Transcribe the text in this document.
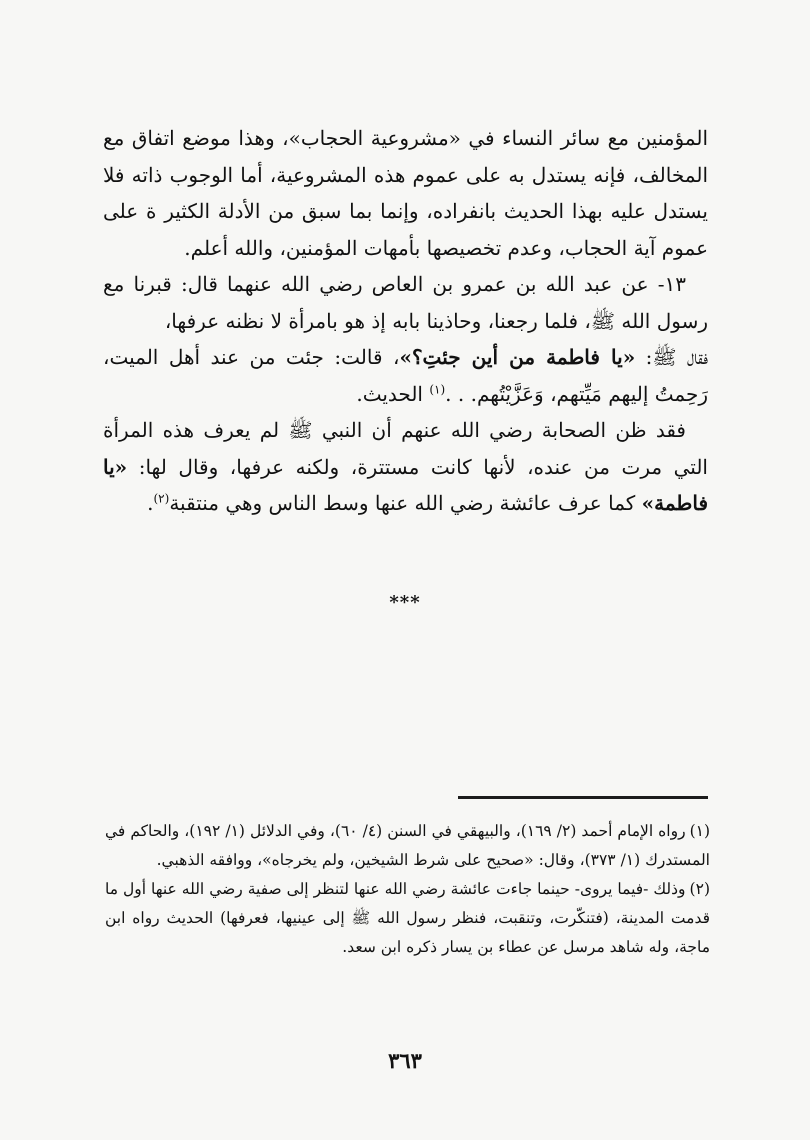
المؤمنين مع سائر النساء في «مشروعية الحجاب»، وهذا موضع اتفاق مع المخالف، فإنه يستدل به على عموم هذه المشروعية، أما الوجوب ذاته فلا يستدل عليه بهذا الحديث بانفراده، وإنما بما سبق من الأدلة الكثير ة على عموم آية الحجاب، وعدم تخصيصها بأمهات المؤمنين، والله أعلم.

١٣- عن عبد الله بن عمرو بن العاص رضي الله عنهما قال: قبرنا مع رسول الله ﷺ، فلما رجعنا، وحاذينا بابه إذ هو بامرأة لا نظنه عرفها،

فقال ﷺ: «يا فاطمة من أين جئتِ؟»، قالت: جئت من عند أهل الميت، رَحِمتُ إليهم مَيِّتهم، وَعَزَّيْتُهم. . .$^{(١)}$ الحديث.

فقد ظن الصحابة رضي الله عنهم أن النبي ﷺ لم يعرف هذه المرأة التي مرت من عنده، لأنها كانت مستترة، ولكنه عرفها، وقال لها: «يا فاطمة» كما عرف عائشة رضي الله عنها وسط الناس وهي منتقبة$^{(٢)}$.

***

(١)رواه الإمام أحمد (٢/ ١٦٩)، والبيهقي في السنن (٤/ ٦٠)، وفي الدلائل (١/ ١٩٢)، والحاكم في المستدرك (١/ ٣٧٣)، وقال: «صحيح على شرط الشيخين، ولم يخرجاه»، ووافقه الذهبي.

(٢)وذلك -فيما يروى- حينما جاءت عائشة رضي الله عنها لتنظر إلى صفية رضي الله عنها أول ما قدمت المدينة، (فتنكّرت، وتنقبت، فنظر رسول الله ﷺ إلى عينيها، فعرفها) الحديث رواه ابن ماجة، وله شاهد مرسل عن عطاء بن يسار ذكره ابن سعد.

٣٦٣
